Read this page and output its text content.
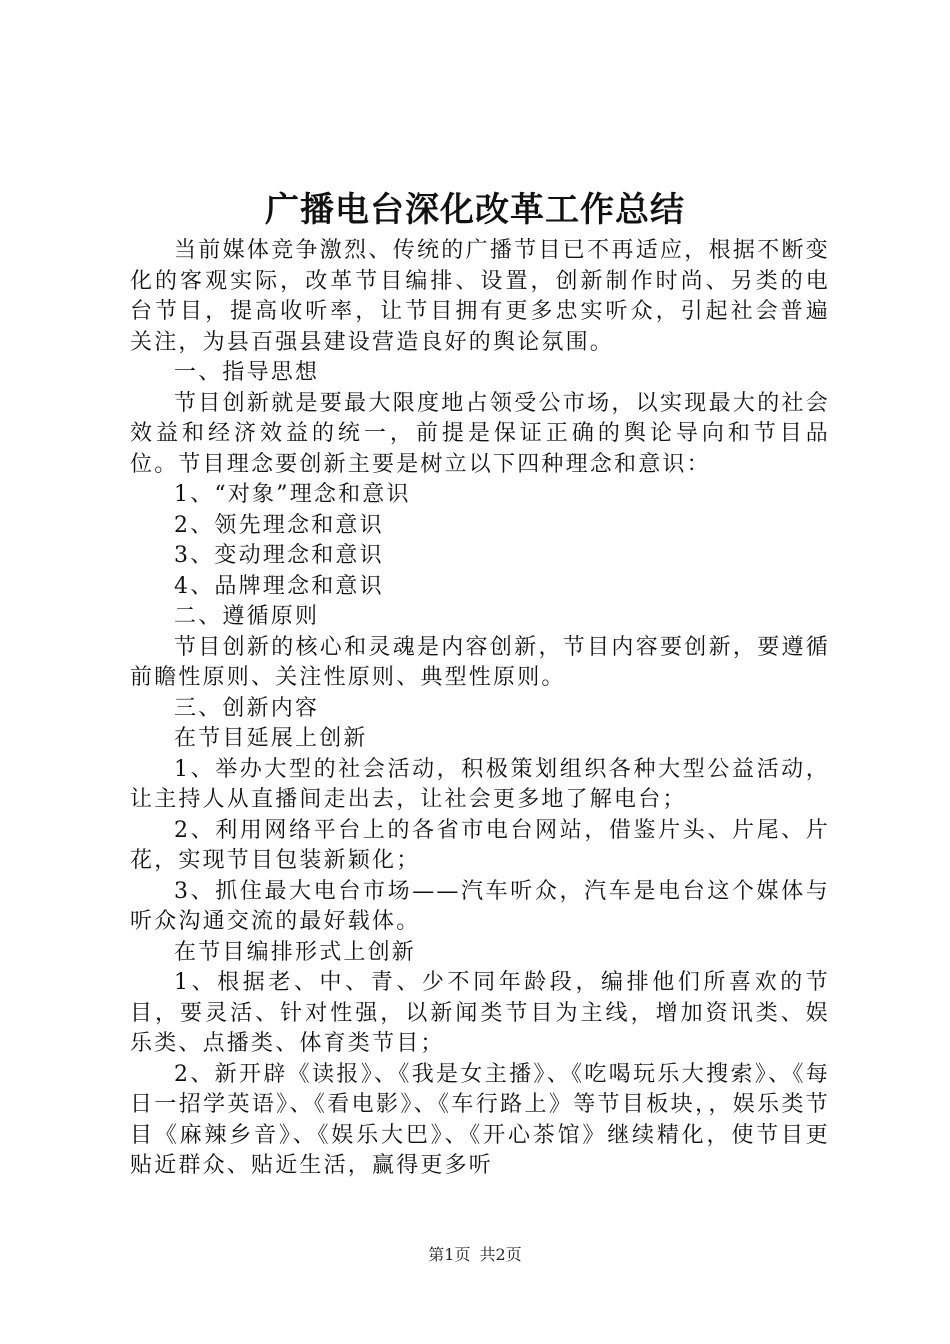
广播电台深化改革工作总结

当前媒体竞争激烈、传统的广播节目已不再适应，根据不断变化的客观实际，改革节目编排、设置，创新制作时尚、另类的电台节目，提高收听率，让节目拥有更多忠实听众，引起社会普遍关注，为县百强县建设营造良好的舆论氛围。

一、指导思想

节目创新就是要最大限度地占领受公市场，以实现最大的社会效益和经济效益的统一，前提是保证正确的舆论导向和节目品位。节目理念要创新主要是树立以下四种理念和意识：

1、“对象”理念和意识

2、领先理念和意识

3、变动理念和意识

4、品牌理念和意识

二、遵循原则

节目创新的核心和灵魂是内容创新，节目内容要创新，要遵循前瞻性原则、关注性原则、典型性原则。

三、创新内容

在节目延展上创新

1、举办大型的社会活动，积极策划组织各种大型公益活动，让主持人从直播间走出去，让社会更多地了解电台；

2、利用网络平台上的各省市电台网站，借鉴片头、片尾、片花，实现节目包装新颖化；

3、抓住最大电台市场——汽车听众，汽车是电台这个媒体与听众沟通交流的最好载体。

在节目编排形式上创新

1、根据老、中、青、少不同年龄段，编排他们所喜欢的节目，要灵活、针对性强，以新闻类节目为主线，增加资讯类、娱乐类、点播类、体育类节目；

2、新开辟《读报》、《我是女主播》、《吃喝玩乐大搜索》、《每日一招学英语》、《看电影》、《车行路上》等节目板块，，娱乐类节目《麻辣乡音》、《娱乐大巴》、《开心茶馆》继续精化，使节目更贴近群众、贴近生活，赢得更多听

第1页 共2页
